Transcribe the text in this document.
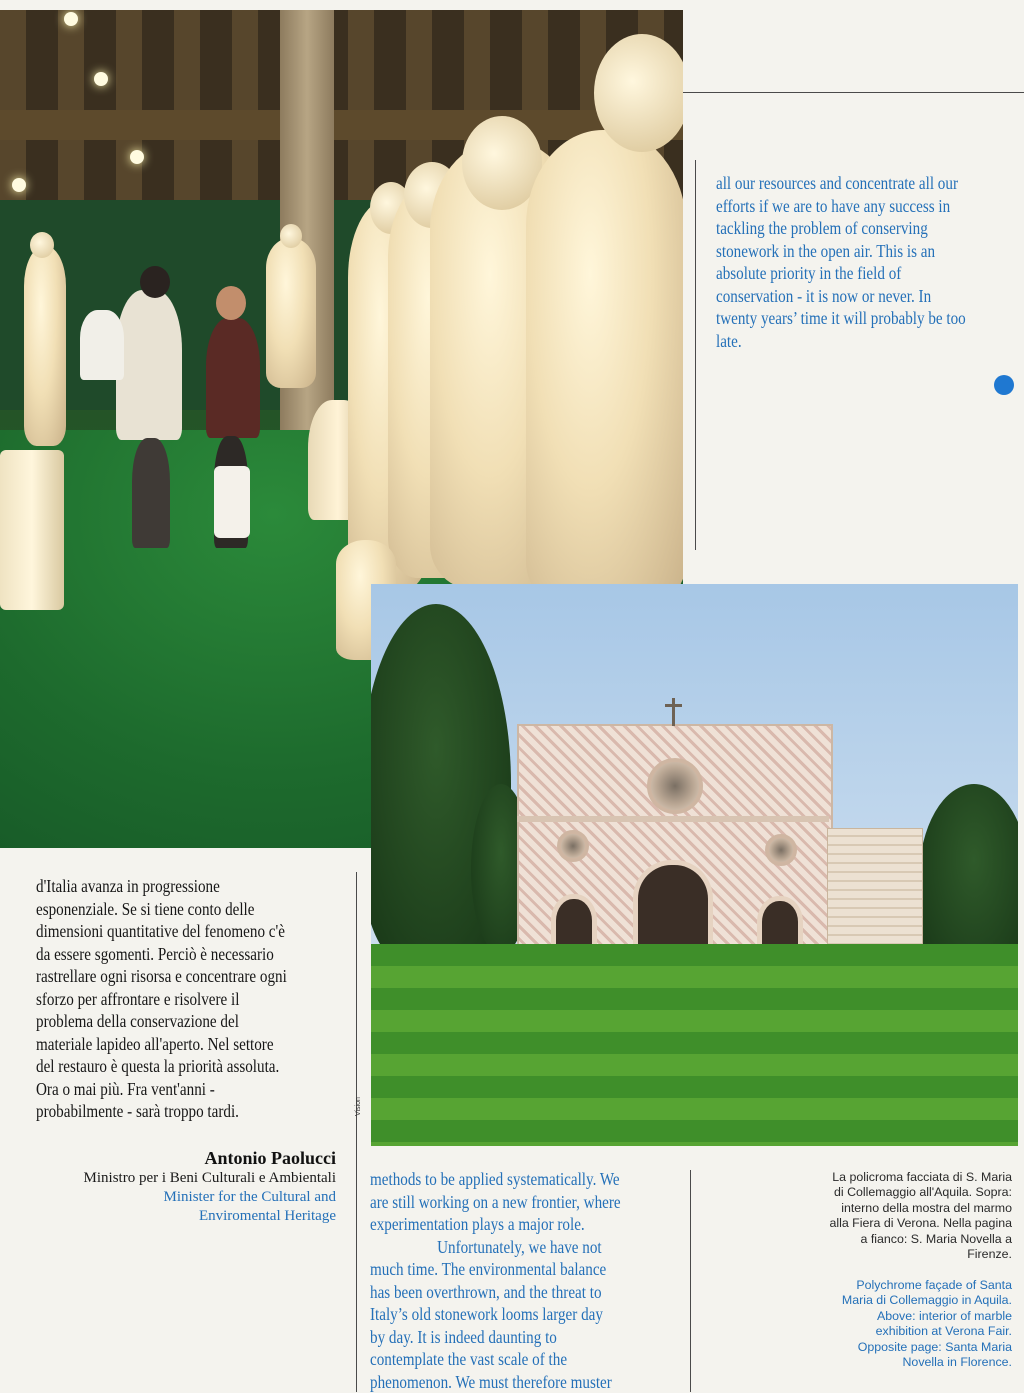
all our resources and concentrate all our
efforts if we are to have any success in
tackling the problem of conserving
stonework in the open air. This is an
absolute priority in the field of
conservation - it is now or never. In
twenty years’ time it will probably be too
late.
d'Italia avanza in progressione
esponenziale. Se si tiene conto delle
dimensioni quantitative del fenomeno c'è
da essere sgomenti. Perciò è necessario
rastrellare ogni risorsa e concentrare ogni
sforzo per affrontare e risolvere il
problema della conservazione del
materiale lapideo all'aperto. Nel settore
del restauro è questa la priorità assoluta.
Ora o mai più. Fra vent'anni -
probabilmente - sarà troppo tardi.	Vision
Antonio Paolucci
Ministro per i Beni Culturali e Ambientali
Minister for the Cultural and Enviromental Heritage
methods to be applied systematically. We
are still working on a new frontier, where
experimentation plays a major role.
Unfortunately, we have not
much time. The environmental balance
has been overthrown, and the threat to
Italy’s old stonework looms larger day
by day. It is indeed daunting to
contemplate the vast scale of the
phenomenon. We must therefore muster
La policroma facciata di S. Maria di Collemaggio all'Aquila. Sopra: interno della mostra del marmo alla Fiera di Verona. Nella pagina a fianco: S. Maria Novella a Firenze.
Polychrome façade of Santa Maria di Collemaggio in Aquila. Above: interior of marble exhibition at Verona Fair. Opposite page: Santa Maria Novella in Florence.
